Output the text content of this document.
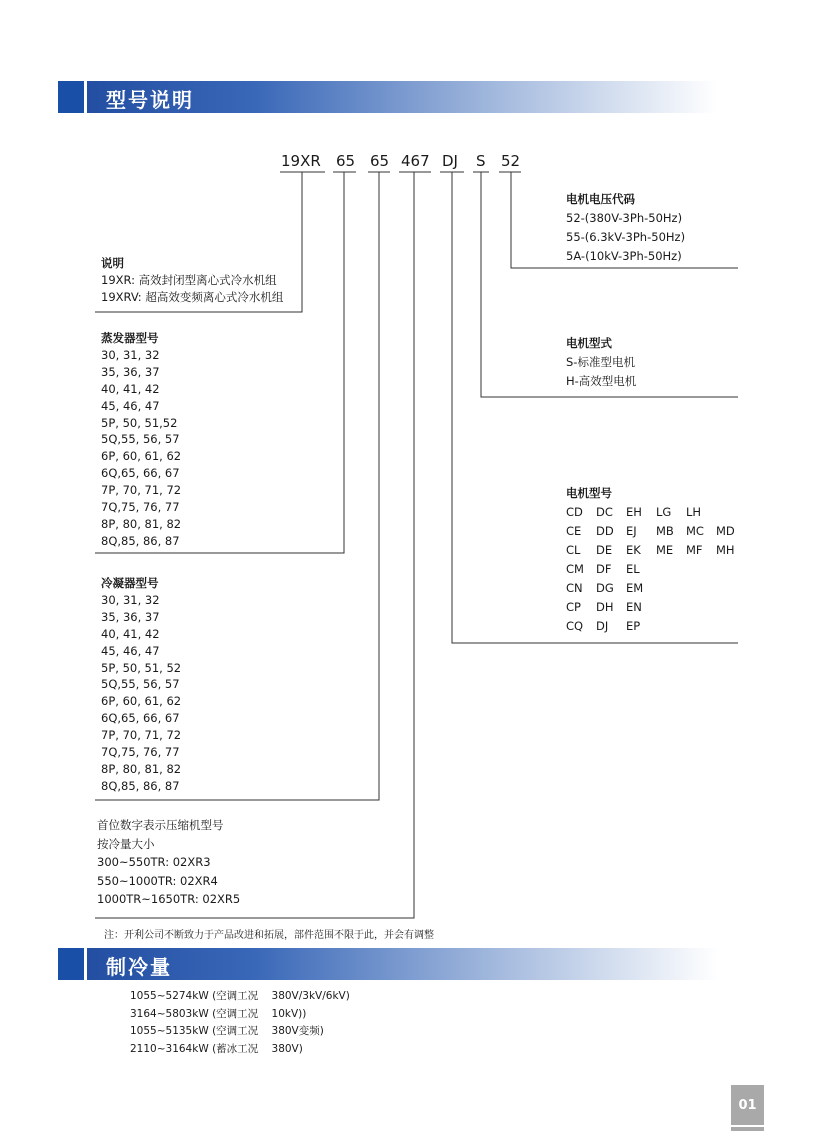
型号说明
19XR 65 65 467 DJ S 52
说明
19XR: 高效封闭型离心式冷水机组
19XRV: 超高效变频离心式冷水机组
蒸发器型号
30, 31, 32
35, 36, 37
40, 41, 42
45, 46, 47
5P, 50, 51,52
5Q,55, 56, 57
6P, 60, 61, 62
6Q,65, 66, 67
7P, 70, 71, 72
7Q,75, 76, 77
8P, 80, 81, 82
8Q,85, 86, 87
冷凝器型号
30, 31, 32
35, 36, 37
40, 41, 42
45, 46, 47
5P, 50, 51, 52
5Q,55, 56, 57
6P, 60, 61, 62
6Q,65, 66, 67
7P, 70, 71, 72
7Q,75, 76, 77
8P, 80, 81, 82
8Q,85, 86, 87
首位数字表示压缩机型号
按冷量大小
300~550TR: 02XR3
550~1000TR: 02XR4
1000TR~1650TR: 02XR5
电机电压代码
52-(380V-3Ph-50Hz)
55-(6.3kV-3Ph-50Hz)
5A-(10kV-3Ph-50Hz)
电机型式
S-标准型电机
H-高效型电机
电机型号
CD	DC	EH	LG	LH
CE	DD	EJ	MB	MC	MD
CL	DE	EK	ME	MF	MH
CM	DF	EL
CN	DG	EM
CP	DH	EN
CQ	DJ	EP
注：开利公司不断致力于产品改进和拓展，部件范围不限于此，并会有调整
制冷量
1055~5274kW (空调工况 380V/3kV/6kV)
3164~5803kW (空调工况 10kV))
1055~5135kW (空调工况 380V变频)
2110~3164kW (蓄冰工况 380V)
01
